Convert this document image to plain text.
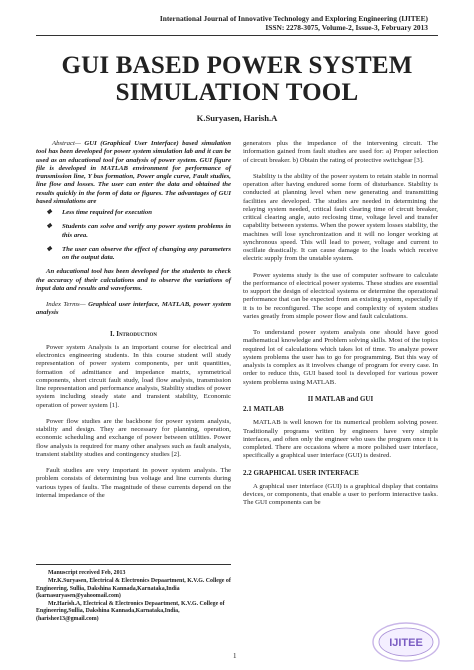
International Journal of Innovative Technology and Exploring Engineering (IJITEE)
ISSN: 2278-3075, Volume-2, Issue-3, February 2013
GUI BASED POWER SYSTEM
SIMULATION TOOL
K.Suryasen, Harish.A

Abstract— GUI (Graphical User Interface) based simulation tool has been developed for power system simulation lab and it can be used as an educational tool for analysis of power system. GUI figure file is developed in MATLAB environment for performance of transmission line, Y bus formation, Power angle curve, Fault studies, line flow and losses. The user can enter the data and obtained the results quickly in the form of data or figures. The advantages of GUI based simulations are

❖ Less time required for execution
❖ Students can solve and verify any power system problems in this area.
❖ The user can observe the effect of changing any parameters on the output data.

An educational tool has been developed for the students to check the accuracy of their calculations and to observe the variations of input data and results and waveforms.

Index Terms— Graphical user interface, MATLAB, power system analysis

I. Introduction

Power system Analysis is an important course for electrical and electronics engineering students. In this course student will study representation of power system components, per unit quantities, formation of admittance and impedance matrix, symmetrical components, short circuit fault study, load flow analysis, transmission line representation and performance analysis, Stability studies of power system including steady state and transient stability, Economic operation of power system [1].

Power flow studies are the backbone for power system analysis, stability and design. They are necessary for planning, operation, economic scheduling and exchange of power between utilities. Power flow analysis is required for many other analyses such as fault analysis, transient stability studies and contingency studies [2].

Fault studies are very important in power system analysis. The problem consists of determining bus voltage and line currents during various types of faults. The magnitude of these currents depend on the internal impedance of the

Manuscript received Feb, 2013
Mr.K.Suryasen, Electrical & Electronics Depaartment, K.V.G. College of Engineering, Sullia, Dakshina Kannada,Karnataka,India (karnasuryasen@yahoomail.com)
Mr.Harish.A, Electrical & Electronics Depaartment, K.V.G. College of Engineering,Sullia, Dakshina Kannada,Karnataka,India, (harishee13@gmail.com)

generators plus the impedance of the intervening circuit. The information gained from fault studies are used for: a) Proper selection of circuit breaker. b) Obtain the rating of protective switchgear [3].

Stability is the ability of the power system to retain stable in normal operation after having endured some form of disturbance. Stability is conducted at planning level when new generating and transmitting facilities are developed. The studies are needed in determining the relaying system needed, critical fault clearing time of circuit breaker, critical clearing angle, auto reclosing time, voltage level and transfer capability between systems. When the power system losses stability, the machines will lose synchronization and it will no longer working at synchronous speed. This will lead to power, voltage and current to oscillate drastically. It can cause damage to the loads which receive electric supply from the unstable system.

Power systems study is the use of computer software to calculate the performance of electrical power systems. These studies are essential to support the design of electrical systems or determine the operational performance that can be expected from an existing system, especially if it is to be reconfigured. The scope and complexity of system studies varies greatly from simple power flow and fault calculations.

To understand power system analysis one should have good mathematical knowledge and Problem solving skills. Most of the topics required lot of calculations which takes lot of time. To analyze power system problems the user has to go for programming. But this way of analysis is complex as it involves change of program for every case. In order to reduce this, GUI based tool is developed for various power system problems using MATLAB.

II MATLAB and GUI
2.1 MATLAB

MATLAB is well known for its numerical problem solving power. Traditionally programs written by engineers have very simple interfaces, and often only the engineer who uses the program once it is completed. There are occasions where a more polished user interface, specifically a graphical user interface (GUI) is desired.

2.2 GRAPHICAL USER INTERFACE

A graphical user interface (GUI) is a graphical display that contains devices, or components, that enable a user to perform interactive tasks. The GUI components can be

1
IJITEE
